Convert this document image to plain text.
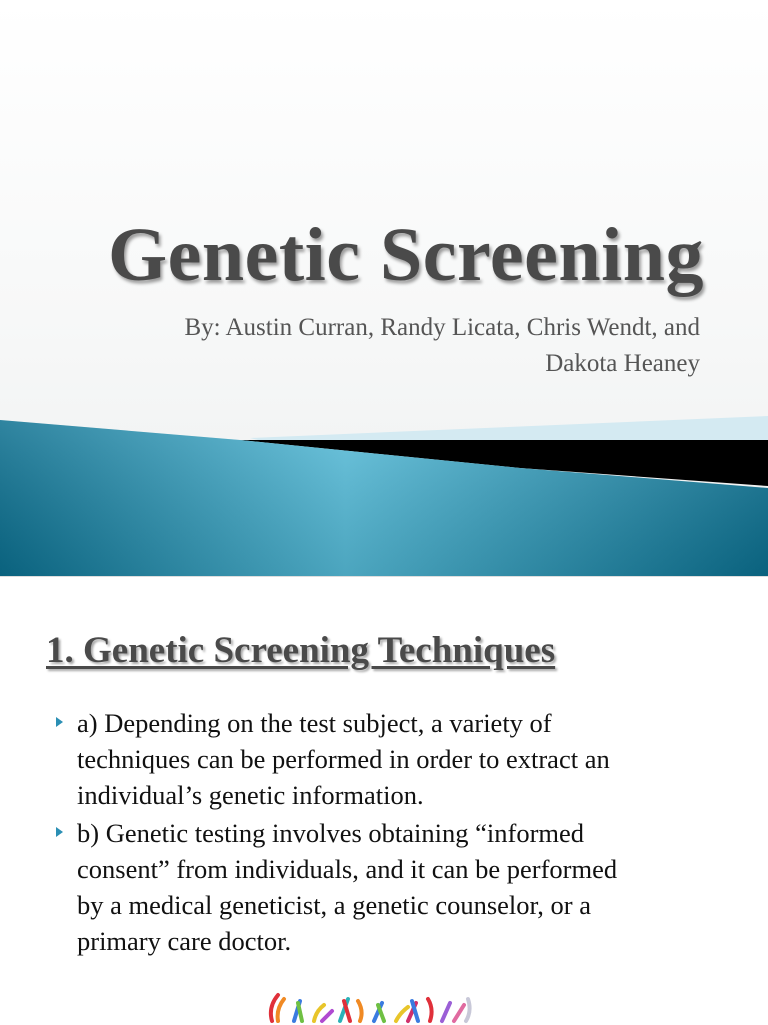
Genetic Screening
By: Austin Curran, Randy Licata, Chris Wendt, and
Dakota Heaney
1. Genetic Screening Techniques
a) Depending on the test subject, a variety of
techniques can be performed in order to extract an
individual’s genetic information.
b) Genetic testing involves obtaining “informed
consent” from individuals, and it can be performed
by a medical geneticist, a genetic counselor, or a
primary care doctor.
